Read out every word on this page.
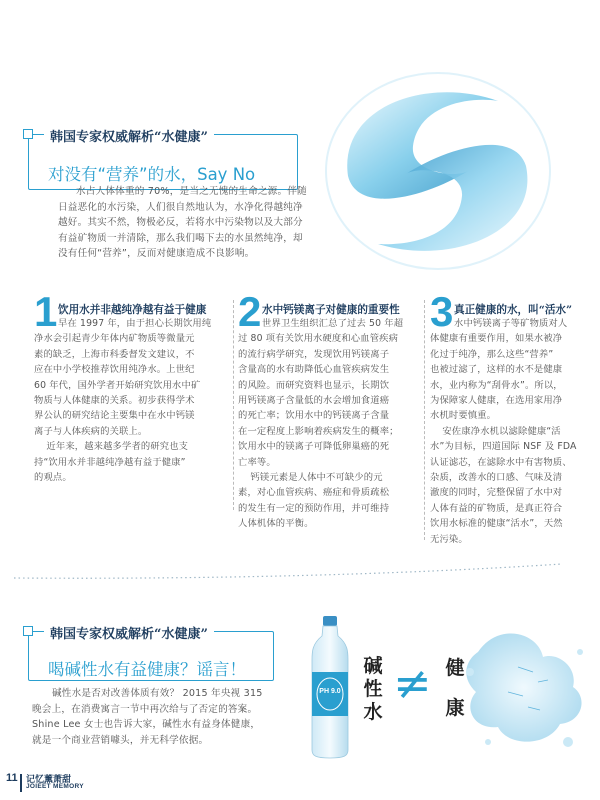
韩国专家权威解析“水健康”
对没有“营养”的水，Say No
水占人体体重的 70%，是当之无愧的生命之源。伴随
日益恶化的水污染，人们很自然地认为，水净化得越纯净
越好。其实不然，物极必反，若将水中污染物以及大部分
有益矿物质一并清除，那么我们喝下去的水虽然纯净，却
没有任何“营养”，反而对健康造成不良影响。
1 饮用水并非越纯净越有益于健康
早在 1997 年，由于担心长期饮用纯
净水会引起青少年体内矿物质等微量元
素的缺乏，上海市科委督发文建议，不
应在中小学校推荐饮用纯净水。上世纪
60 年代，国外学者开始研究饮用水中矿
物质与人体健康的关系。初步获得学术
界公认的研究结论主要集中在水中钙镁
离子与人体疾病的关联上。
近年来，越来越多学者的研究也支
持“饮用水并非越纯净越有益于健康”
的观点。
2 水中钙镁离子对健康的重要性
世界卫生组织汇总了过去 50 年超
过 80 项有关饮用水硬度和心血管疾病
的流行病学研究，发现饮用钙镁离子
含量高的水有助降低心血管疾病发生
的风险。而研究资料也显示，长期饮
用钙镁离子含量低的水会增加食道癌
的死亡率；饮用水中的钙镁离子含量
在一定程度上影响着疾病发生的概率；
饮用水中的镁离子可降低卵巢癌的死
亡率等。
钙镁元素是人体中不可缺少的元
素，对心血管疾病、癌症和骨质疏松
的发生有一定的预防作用，并可维持
人体机体的平衡。
3 真正健康的水，叫“活水”
水中钙镁离子等矿物质对人
体健康有重要作用，如果水被净
化过于纯净，那么这些“营养”
也被过滤了，这样的水不是健康
水，业内称为“刮骨水”。所以，
为保障家人健康，在选用家用净
水机时要慎重。
安佐康净水机以滤除健康“活
水”为目标，四道国际 NSF 及 FDA
认证滤芯，在滤除水中有害物质、
杂质，改善水的口感、气味及清
澈度的同时，完整保留了水中对
人体有益的矿物质，是真正符合
饮用水标准的健康“活水”，天然
无污染。
韩国专家权威解析“水健康”
喝碱性水有益健康？谣言！
碱性水是否对改善体质有效？ 2015 年央视 315
晚会上，在消费寓言一节中再次给与了否定的答案。
Shine Lee 女士也告诉大家，碱性水有益身体健康，
就是一个商业营销噱头，并无科学依据。
PH 9.0
碱
性
水
≠ 健
康
11 记忆薰萧甜
JOIEET MEMORY
